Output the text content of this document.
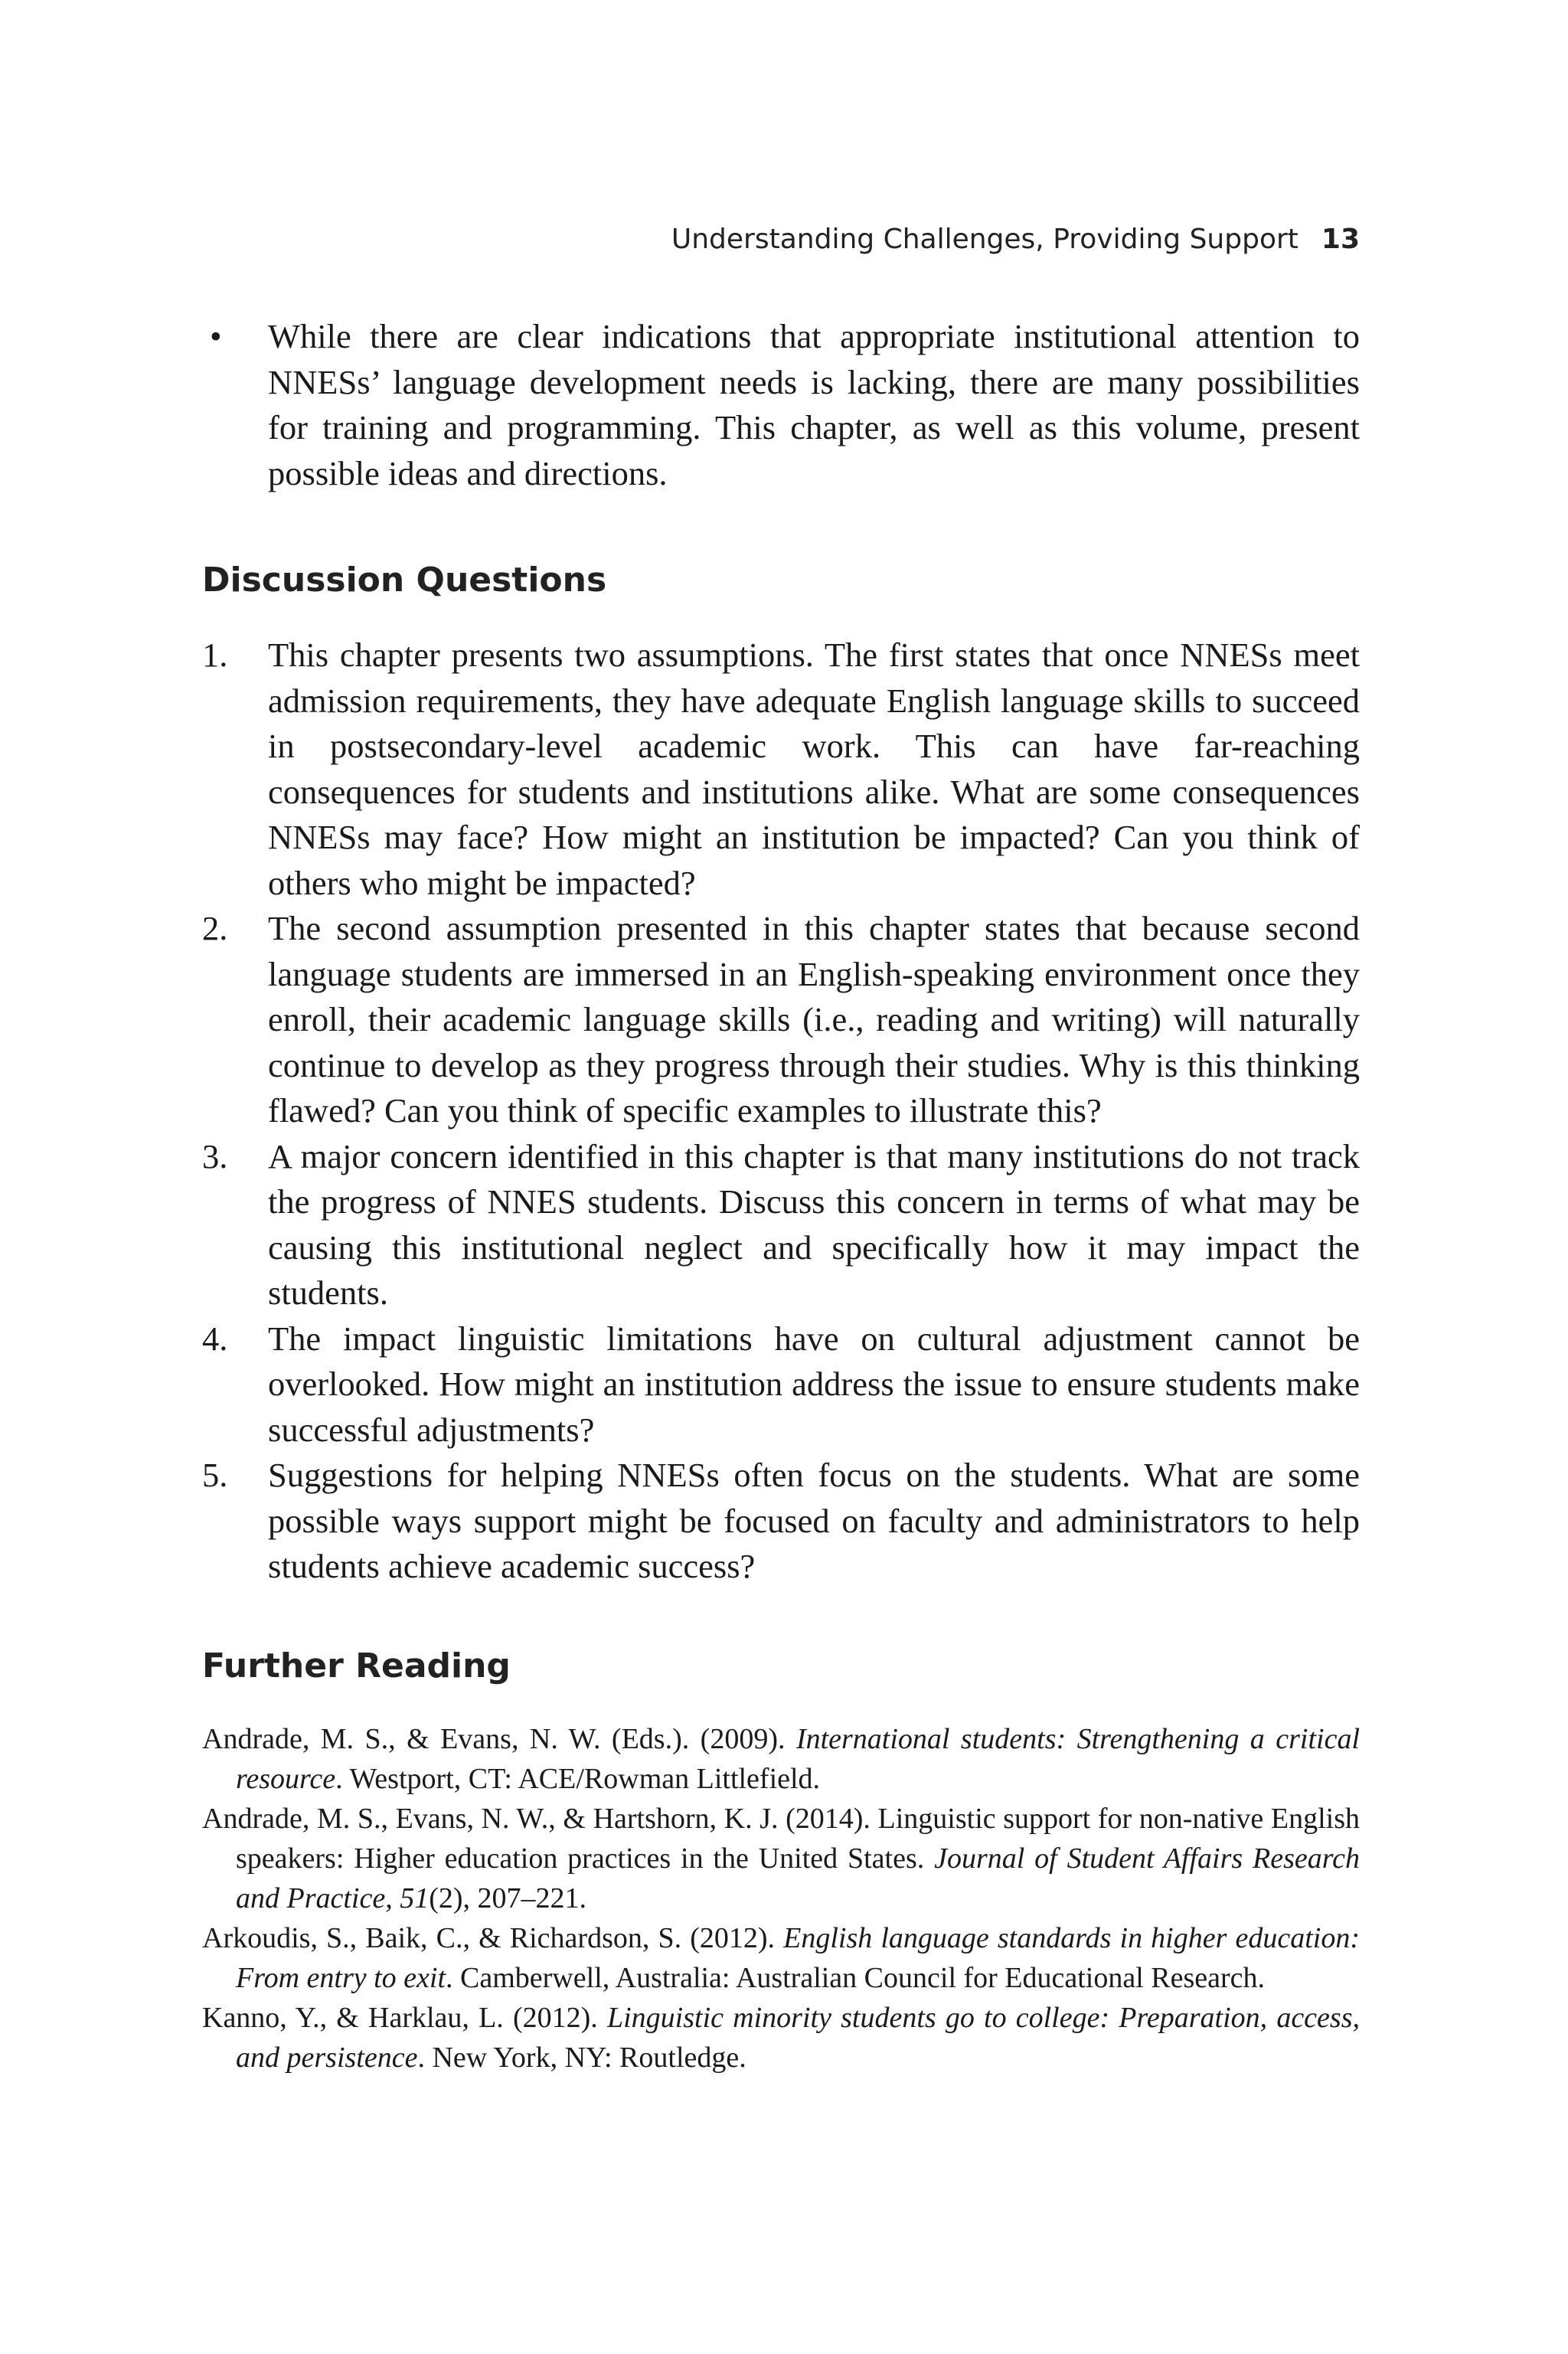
Understanding Challenges, Providing Support 13
• While there are clear indications that appropriate institutional attention to NNESs’ language development needs is lacking, there are many possibilities for training and programming. This chapter, as well as this volume, present possible ideas and directions.
Discussion Questions
1. This chapter presents two assumptions. The first states that once NNESs meet admission requirements, they have adequate English language skills to succeed in postsecondary-level academic work. This can have far-reaching consequences for students and institutions alike. What are some consequences NNESs may face? How might an institution be impacted? Can you think of others who might be impacted?
2. The second assumption presented in this chapter states that because second language students are immersed in an English-speaking environment once they enroll, their academic language skills (i.e., reading and writing) will naturally continue to develop as they progress through their studies. Why is this thinking flawed? Can you think of specific examples to illustrate this?
3. A major concern identified in this chapter is that many institutions do not track the progress of NNES students. Discuss this concern in terms of what may be causing this institutional neglect and specifically how it may impact the students.
4. The impact linguistic limitations have on cultural adjustment cannot be overlooked. How might an institution address the issue to ensure students make successful adjustments?
5. Suggestions for helping NNESs often focus on the students. What are some possible ways support might be focused on faculty and administrators to help students achieve academic success?
Further Reading
Andrade, M. S., & Evans, N. W. (Eds.). (2009). International students: Strengthening a critical resource. Westport, CT: ACE/Rowman Littlefield.
Andrade, M. S., Evans, N. W., & Hartshorn, K. J. (2014). Linguistic support for non-native English speakers: Higher education practices in the United States. Journal of Student Affairs Research and Practice, 51(2), 207–221.
Arkoudis, S., Baik, C., & Richardson, S. (2012). English language standards in higher education: From entry to exit. Camberwell, Australia: Australian Council for Educational Research.
Kanno, Y., & Harklau, L. (2012). Linguistic minority students go to college: Preparation, access, and persistence. New York, NY: Routledge.
